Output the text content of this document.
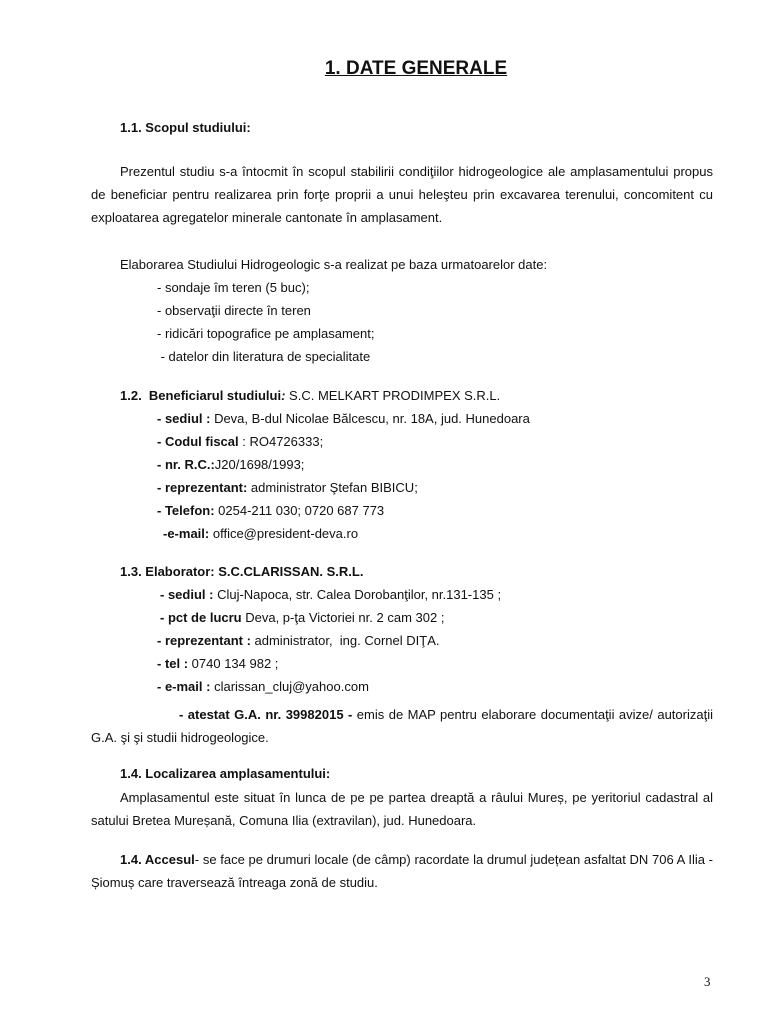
1. DATE GENERALE
1.1. Scopul studiului:
Prezentul studiu s-a întocmit în scopul stabilirii condiţiilor hidrogeologice ale amplasamentului propus de beneficiar pentru realizarea prin forţe proprii a unui heleşteu prin excavarea terenului, concomitent cu exploatarea agregatelor minerale cantonate în amplasament.
Elaborarea Studiului Hidrogeologic s-a realizat pe baza urmatoarelor date:
- sondaje îm teren (5 buc);
- observaţii directe în teren
- ridicări topografice pe amplasament;
- datelor din literatura de specialitate
1.2.  Beneficiarul studiului: S.C. MELKART PRODIMPEX S.R.L.
- sediul : Deva, B-dul Nicolae Bălcescu, nr. 18A, jud. Hunedoara
- Codul fiscal : RO4726333;
- nr. R.C.:J20/1698/1993;
- reprezentant: administrator Ştefan BIBICU;
- Telefon: 0254-211 030; 0720 687 773
-e-mail: office@president-deva.ro
1.3. Elaborator: S.C.CLARISSAN. S.R.L.
- sediul : Cluj-Napoca, str. Calea Dorobanţilor, nr.131-135 ;
- pct de lucru Deva, p-ţa Victoriei nr. 2 cam 302 ;
- reprezentant : administrator,  ing. Cornel DIŢA.
- tel : 0740 134 982 ;
- e-mail : clarissan_cluj@yahoo.com
- atestat G.A. nr. 39982015 - emis de MAP pentru elaborare documentaţii avize/ autorizaţii G.A. şi şi studii hidrogeologice.
1.4. Localizarea amplasamentului:
Amplasamentul este situat în lunca de pe pe partea dreaptă a râului Mureș, pe yeritoriul cadastral al satului Bretea Mureșană, Comuna Ilia (extravilan), jud. Hunedoara.
1.4. Accesul- se face pe drumuri locale (de câmp) racordate la drumul județean asfaltat DN 706 A Ilia - Șiomuș care traversează întreaga zonă de studiu.
3
